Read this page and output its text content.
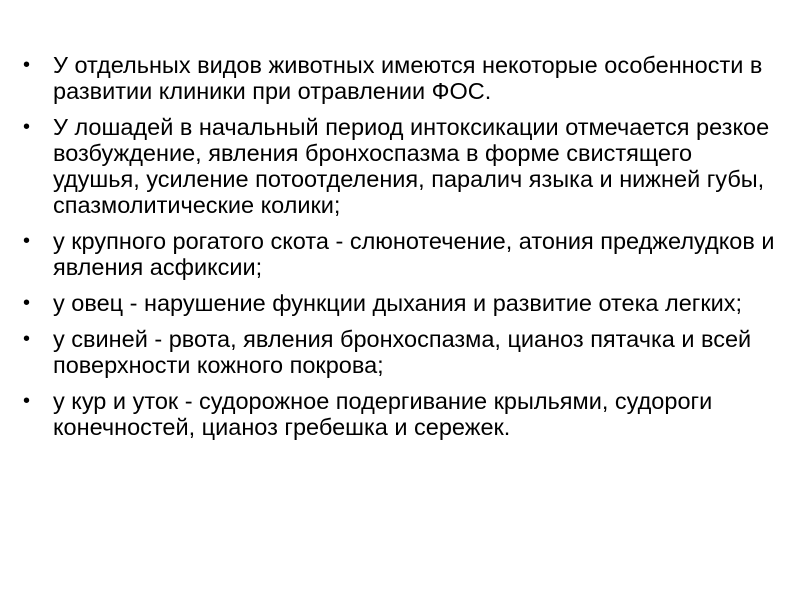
• У отдельных видов животных имеются некоторые особенности в развитии клиники при отравлении ФОС.
• У лошадей в начальный период интоксикации отмечается резкое возбуждение, явления бронхоспазма в форме свистящего удушья, усиление потоотделения, паралич языка и нижней губы, спазмолитические колики;
• у крупного рогатого скота - слюнотечение, атония преджелудков и явления асфиксии;
• у овец - нарушение функции дыхания и развитие отека легких;
• у свиней - рвота, явления бронхоспазма, цианоз пятачка и всей поверхности кожного покрова;
• у кур и уток - судорожное подергивание крыльями, судороги конечностей, цианоз гребешка и сережек.
